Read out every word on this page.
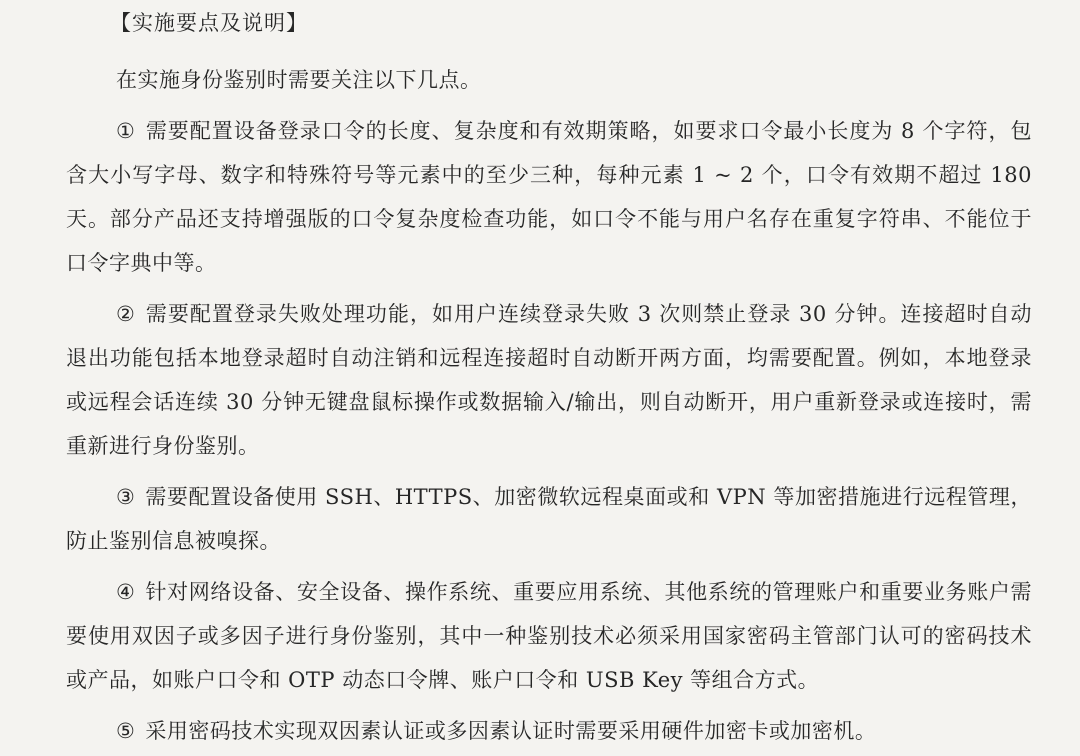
【实施要点及说明】

在实施身份鉴别时需要关注以下几点。

① 需要配置设备登录口令的长度、复杂度和有效期策略，如要求口令最小长度为 8 个字符，包含大小写字母、数字和特殊符号等元素中的至少三种，每种元素 1 ~ 2 个，口令有效期不超过 180 天。部分产品还支持增强版的口令复杂度检查功能，如口令不能与用户名存在重复字符串、不能位于口令字典中等。

② 需要配置登录失败处理功能，如用户连续登录失败 3 次则禁止登录 30 分钟。连接超时自动退出功能包括本地登录超时自动注销和远程连接超时自动断开两方面，均需要配置。例如，本地登录或远程会话连续 30 分钟无键盘鼠标操作或数据输入/输出，则自动断开，用户重新登录或连接时，需重新进行身份鉴别。

③ 需要配置设备使用 SSH、HTTPS、加密微软远程桌面或和 VPN 等加密措施进行远程管理，防止鉴别信息被嗅探。

④ 针对网络设备、安全设备、操作系统、重要应用系统、其他系统的管理账户和重要业务账户需要使用双因子或多因子进行身份鉴别，其中一种鉴别技术必须采用国家密码主管部门认可的密码技术或产品，如账户口令和 OTP 动态口令牌、账户口令和 USB Key 等组合方式。

⑤ 采用密码技术实现双因素认证或多因素认证时需要采用硬件加密卡或加密机。
